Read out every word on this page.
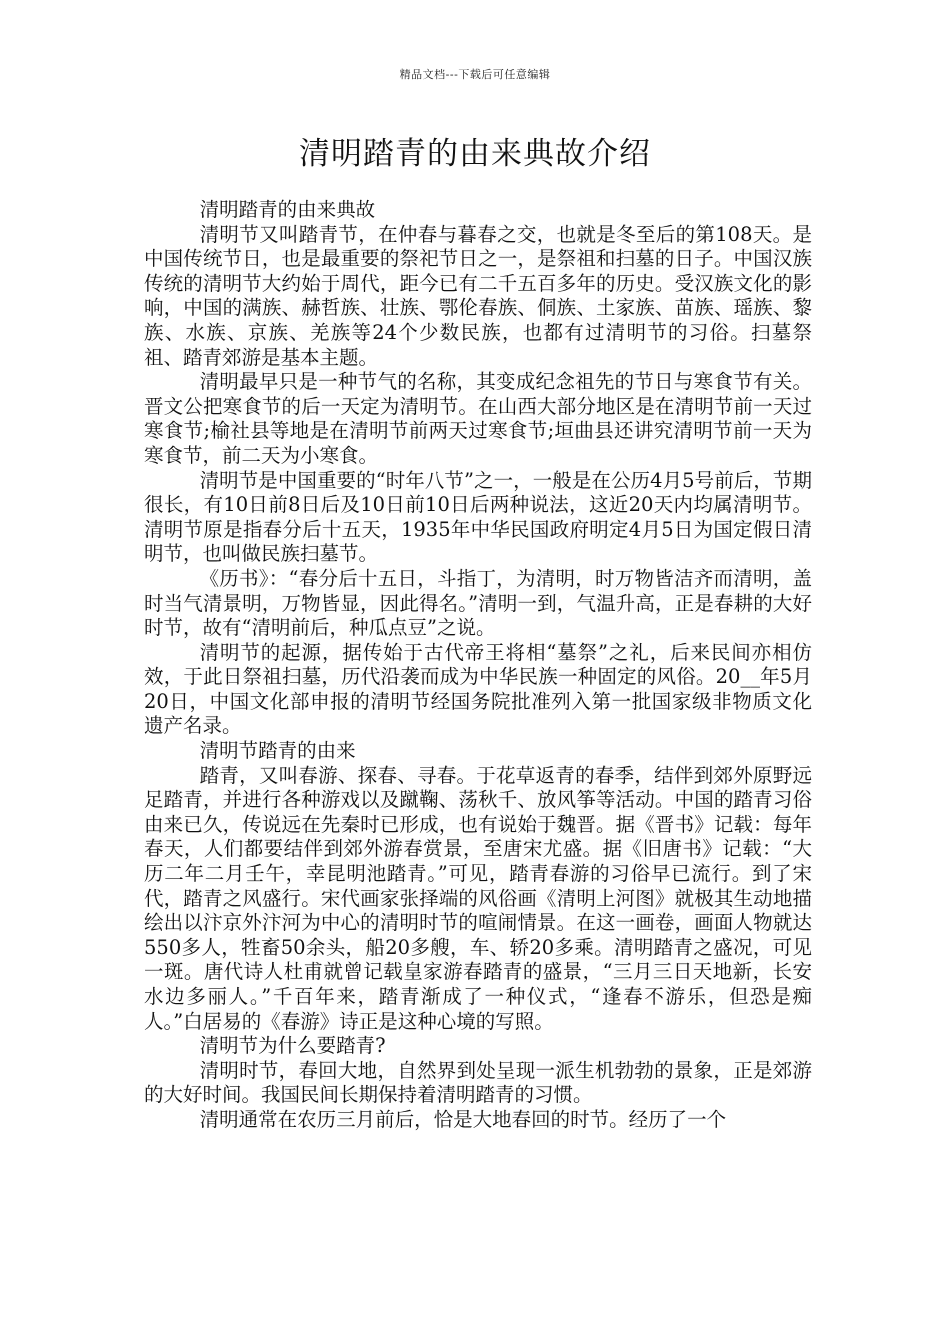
精品文档---下载后可任意编辑
清明踏青的由来典故介绍

清明踏青的由来典故

清明节又叫踏青节，在仲春与暮春之交，也就是冬至后的第108天。是中国传统节日，也是最重要的祭祀节日之一，是祭祖和扫墓的日子。中国汉族传统的清明节大约始于周代，距今已有二千五百多年的历史。受汉族文化的影响，中国的满族、赫哲族、壮族、鄂伦春族、侗族、土家族、苗族、瑶族、黎族、水族、京族、羌族等24个少数民族，也都有过清明节的习俗。扫墓祭祖、踏青郊游是基本主题。

清明最早只是一种节气的名称，其变成纪念祖先的节日与寒食节有关。晋文公把寒食节的后一天定为清明节。在山西大部分地区是在清明节前一天过寒食节;榆社县等地是在清明节前两天过寒食节;垣曲县还讲究清明节前一天为寒食节，前二天为小寒食。

清明节是中国重要的“时年八节”之一，一般是在公历4月5号前后，节期很长，有10日前8日后及10日前10日后两种说法，这近20天内均属清明节。清明节原是指春分后十五天，1935年中华民国政府明定4月5日为国定假日清明节，也叫做民族扫墓节。

《历书》：“春分后十五日，斗指丁，为清明，时万物皆洁齐而清明，盖时当气清景明，万物皆显，因此得名。”清明一到，气温升高，正是春耕的大好时节，故有“清明前后，种瓜点豆”之说。

清明节的起源，据传始于古代帝王将相“墓祭”之礼，后来民间亦相仿效，于此日祭祖扫墓，历代沿袭而成为中华民族一种固定的风俗。20__年5月20日，中国文化部申报的清明节经国务院批准列入第一批国家级非物质文化遗产名录。

清明节踏青的由来

踏青，又叫春游、探春、寻春。于花草返青的春季，结伴到郊外原野远足踏青，并进行各种游戏以及蹴鞠、荡秋千、放风筝等活动。中国的踏青习俗由来已久，传说远在先秦时已形成，也有说始于魏晋。据《晋书》记载：每年春天，人们都要结伴到郊外游春赏景，至唐宋尤盛。据《旧唐书》记载：“大历二年二月壬午，幸昆明池踏青。”可见，踏青春游的习俗早已流行。到了宋代，踏青之风盛行。宋代画家张择端的风俗画《清明上河图》就极其生动地描绘出以汴京外汴河为中心的清明时节的喧闹情景。在这一画卷，画面人物就达550多人，牲畜50余头，船20多艘，车、轿20多乘。清明踏青之盛况，可见一斑。唐代诗人杜甫就曾记载皇家游春踏青的盛景，“三月三日天地新，长安水边多丽人。”千百年来，踏青渐成了一种仪式，“逢春不游乐，但恐是痴人。”白居易的《春游》诗正是这种心境的写照。

清明节为什么要踏青?

清明时节，春回大地，自然界到处呈现一派生机勃勃的景象，正是郊游的大好时间。我国民间长期保持着清明踏青的习惯。

清明通常在农历三月前后，恰是大地春回的时节。经历了一个
